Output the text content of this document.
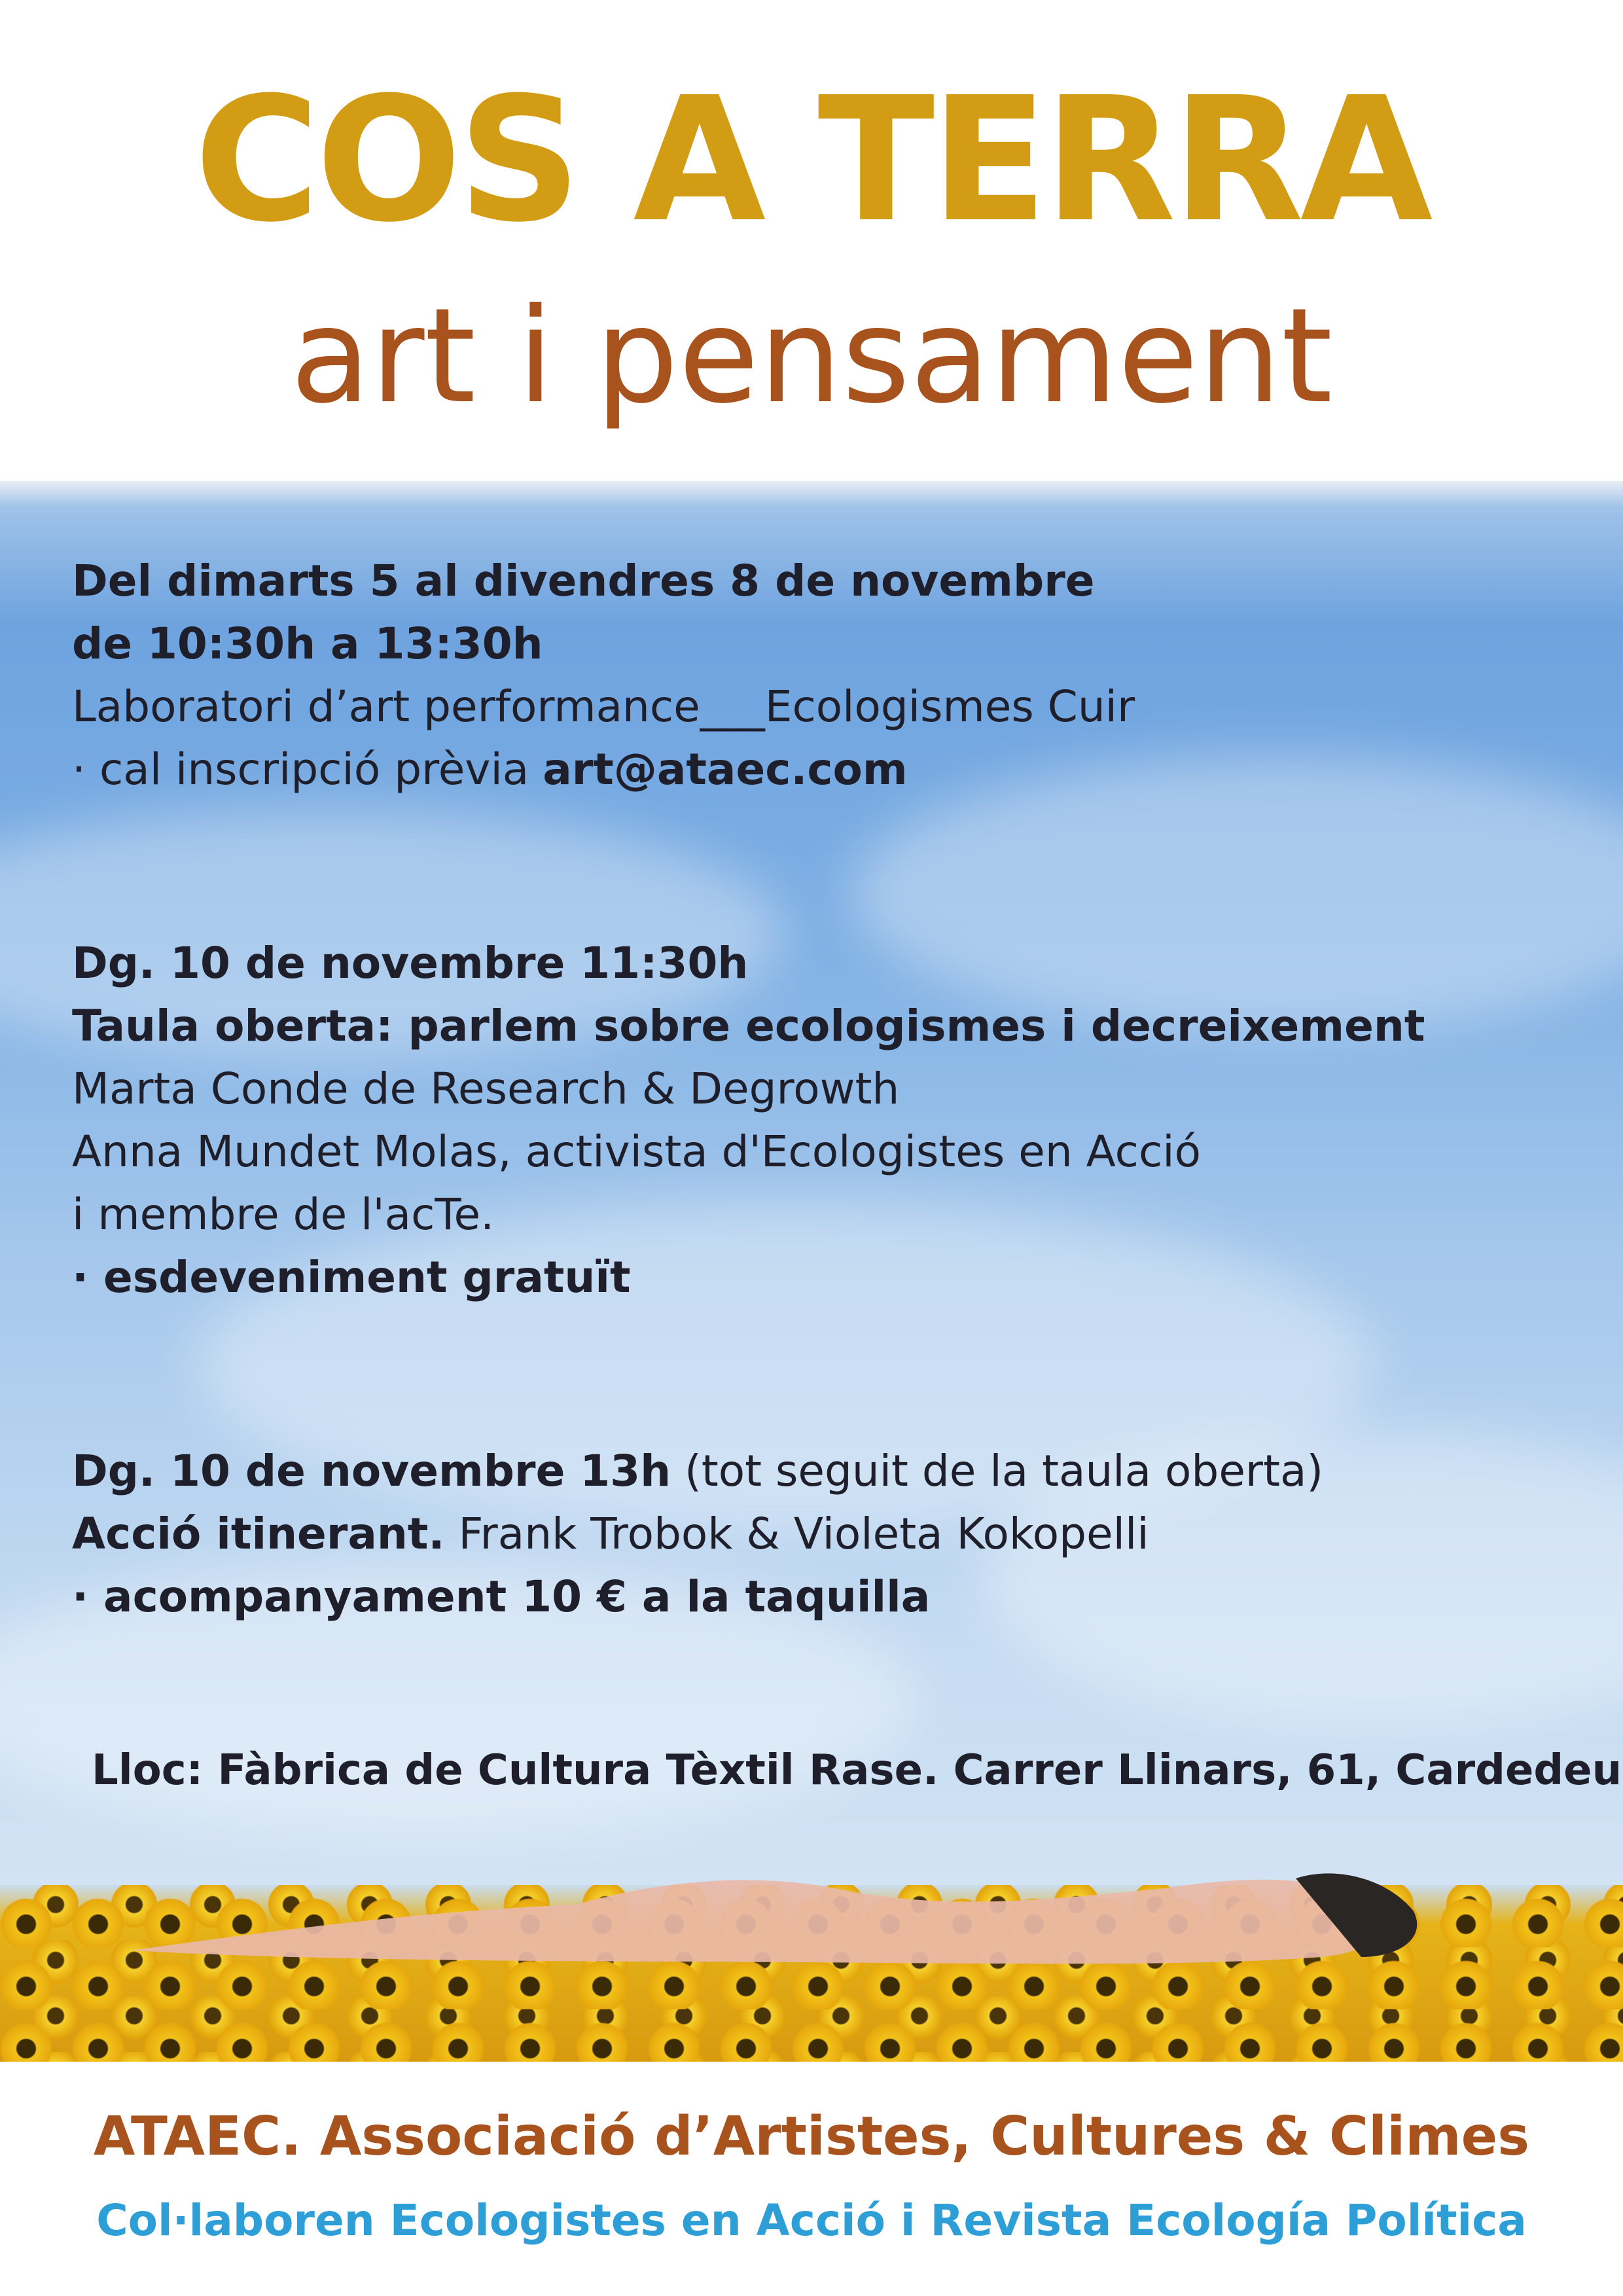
COS A TERRA
art i pensament
Del dimarts 5 al divendres 8 de novembre
de 10:30h a 13:30h
Laboratori d’art performance___Ecologismes Cuir
· cal inscripció prèvia art@ataec.com
Dg. 10 de novembre 11:30h
Taula oberta: parlem sobre ecologismes i decreixement
Marta Conde de Research & Degrowth
Anna Mundet Molas, activista d'Ecologistes en Acció
i membre de l'acTe.
· esdeveniment gratuït
Dg. 10 de novembre 13h (tot seguit de la taula oberta)
Acció itinerant. Frank Trobok & Violeta Kokopelli
· acompanyament 10 € a la taquilla
Lloc: Fàbrica de Cultura Tèxtil Rase. Carrer Llinars, 61, Cardedeu
ATAEC. Associació d’Artistes, Cultures & Climes
Col·laboren Ecologistes en Acció i Revista Ecología Política
